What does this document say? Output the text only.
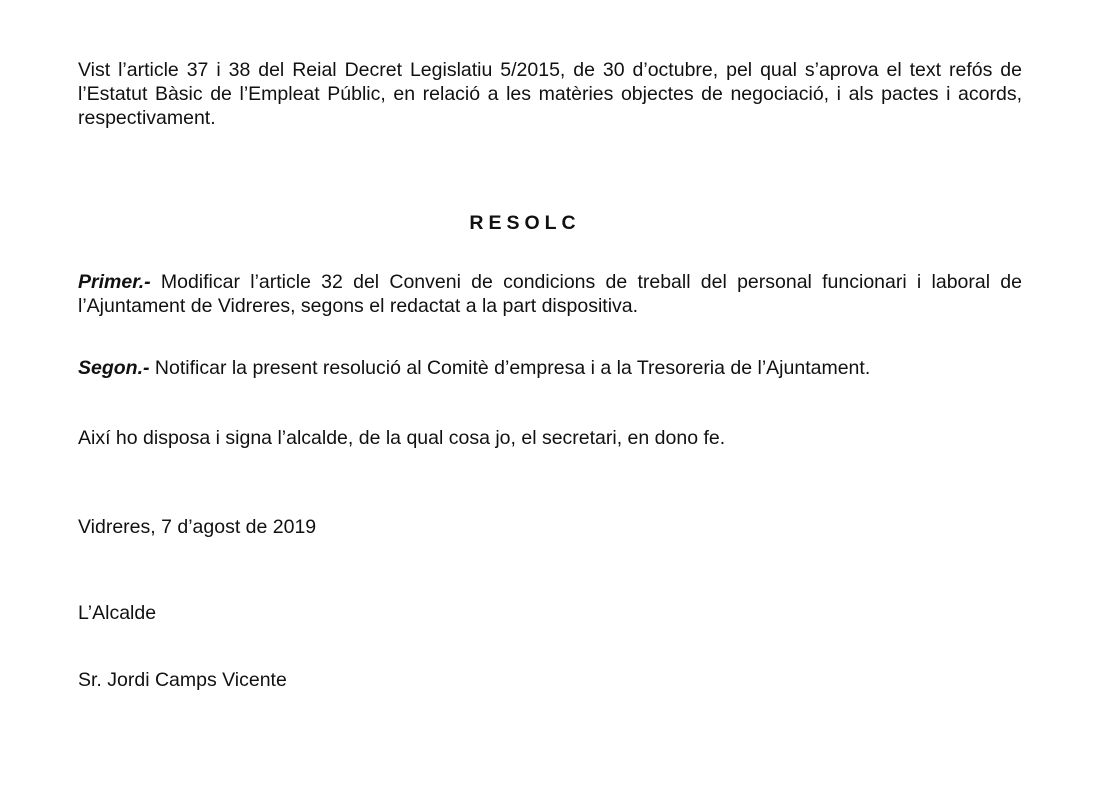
Vist l’article 37 i 38 del Reial Decret Legislatiu 5/2015, de 30 d’octubre, pel qual s’aprova el text refós de l’Estatut Bàsic de l’Empleat Públic, en relació a les matèries objectes de negociació, i als pactes i acords, respectivament.

RESOLC

Primer.- Modificar l’article 32 del Conveni de condicions de treball del personal funcionari i laboral de l’Ajuntament de Vidreres, segons el redactat a la part dispositiva.

Segon.- Notificar la present resolució al Comitè d’empresa i a la Tresoreria de l’Ajuntament.

Així ho disposa i signa l’alcalde, de la qual cosa jo, el secretari, en dono fe.

Vidreres, 7 d’agost de 2019

L’Alcalde

Sr. Jordi Camps Vicente
